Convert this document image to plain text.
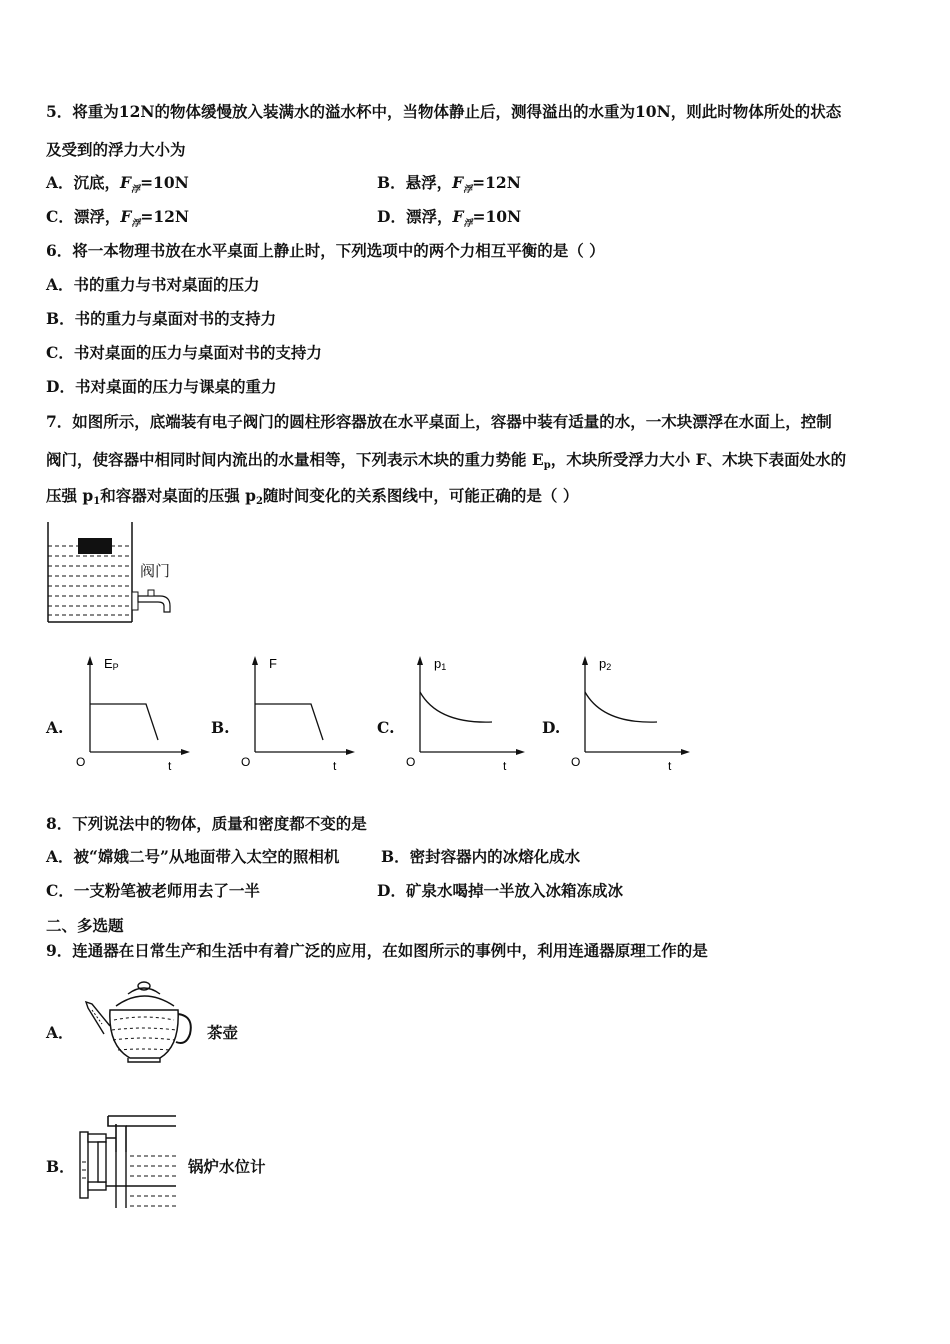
5．将重为12N的物体缓慢放入装满水的溢水杯中，当物体静止后，测得溢出的水重为10N，则此时物体所处的状态
及受到的浮力大小为
A．沉底，$F_浮=10N$	B．悬浮，$F_浮=12N$
C．漂浮，$F_浮=12N$	D．漂浮，$F_浮=10N$
6．将一本物理书放在水平桌面上静止时，下列选项中的两个力相互平衡的是（ ）
A．书的重力与书对桌面的压力
B．书的重力与桌面对书的支持力
C．书对桌面的压力与桌面对书的支持力
D．书对桌面的压力与课桌的重力
7．如图所示，底端装有电子阀门的圆柱形容器放在水平桌面上，容器中装有适量的水，一木块漂浮在水面上，控制
阀门，使容器中相同时间内流出的水量相等，下列表示木块的重力势能 Ep，木块所受浮力大小 F、木块下表面处水的
压强 p1和容器对桌面的压强 p2随时间变化的关系图线中，可能正确的是（ ）
阀门
A.	B.	C.	D.
EP
O	t
F
O	t
p1
O	t
p2
O	t
8．下列说法中的物体，质量和密度都不变的是
A．被“嫦娥二号”从地面带入太空的照相机	B．密封容器内的冰熔化成水
C．一支粉笔被老师用去了一半	D．矿泉水喝掉一半放入冰箱冻成冰
二、多选题
9．连通器在日常生产和生活中有着广泛的应用，在如图所示的事例中，利用连通器原理工作的是
A．	茶壶
B．	锅炉水位计
